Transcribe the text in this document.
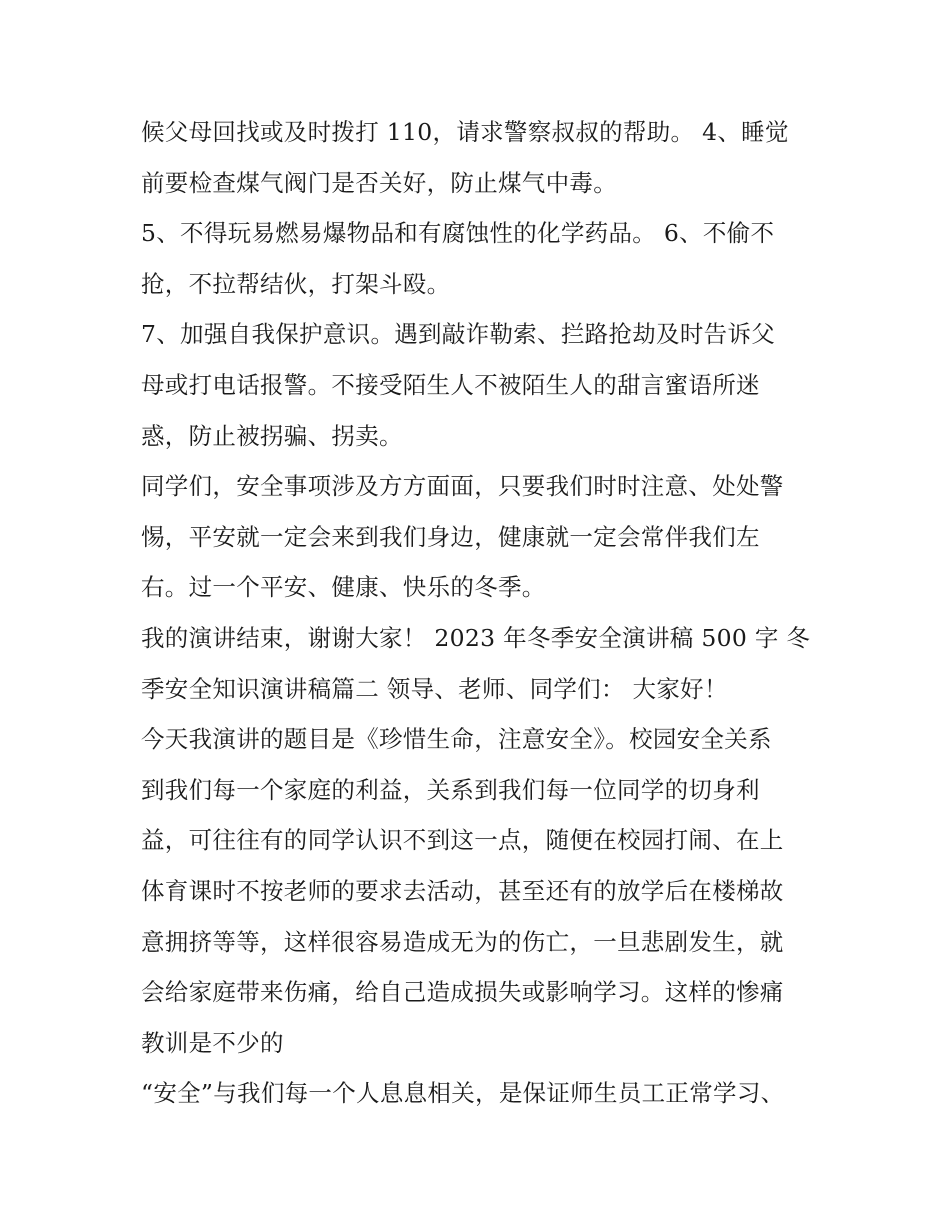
候父母回找或及时拨打 110，请求警察叔叔的帮助。 4、睡觉
前要检查煤气阀门是否关好，防止煤气中毒。
5、不得玩易燃易爆物品和有腐蚀性的化学药品。 6、不偷不
抢，不拉帮结伙，打架斗殴。
7、加强自我保护意识。遇到敲诈勒索、拦路抢劫及时告诉父
母或打电话报警。不接受陌生人不被陌生人的甜言蜜语所迷
惑，防止被拐骗、拐卖。
同学们，安全事项涉及方方面面，只要我们时时注意、处处警
惕，平安就一定会来到我们身边，健康就一定会常伴我们左
右。过一个平安、健康、快乐的冬季。
我的演讲结束，谢谢大家！ 2023 年冬季安全演讲稿 500 字 冬
季安全知识演讲稿篇二 领导、老师、同学们： 大家好！
今天我演讲的题目是《珍惜生命，注意安全》。校园安全关系
到我们每一个家庭的利益，关系到我们每一位同学的切身利
益，可往往有的同学认识不到这一点，随便在校园打闹、在上
体育课时不按老师的要求去活动，甚至还有的放学后在楼梯故
意拥挤等等，这样很容易造成无为的伤亡，一旦悲剧发生，就
会给家庭带来伤痛，给自己造成损失或影响学习。这样的惨痛
教训是不少的
“安全”与我们每一个人息息相关，是保证师生员工正常学习、
